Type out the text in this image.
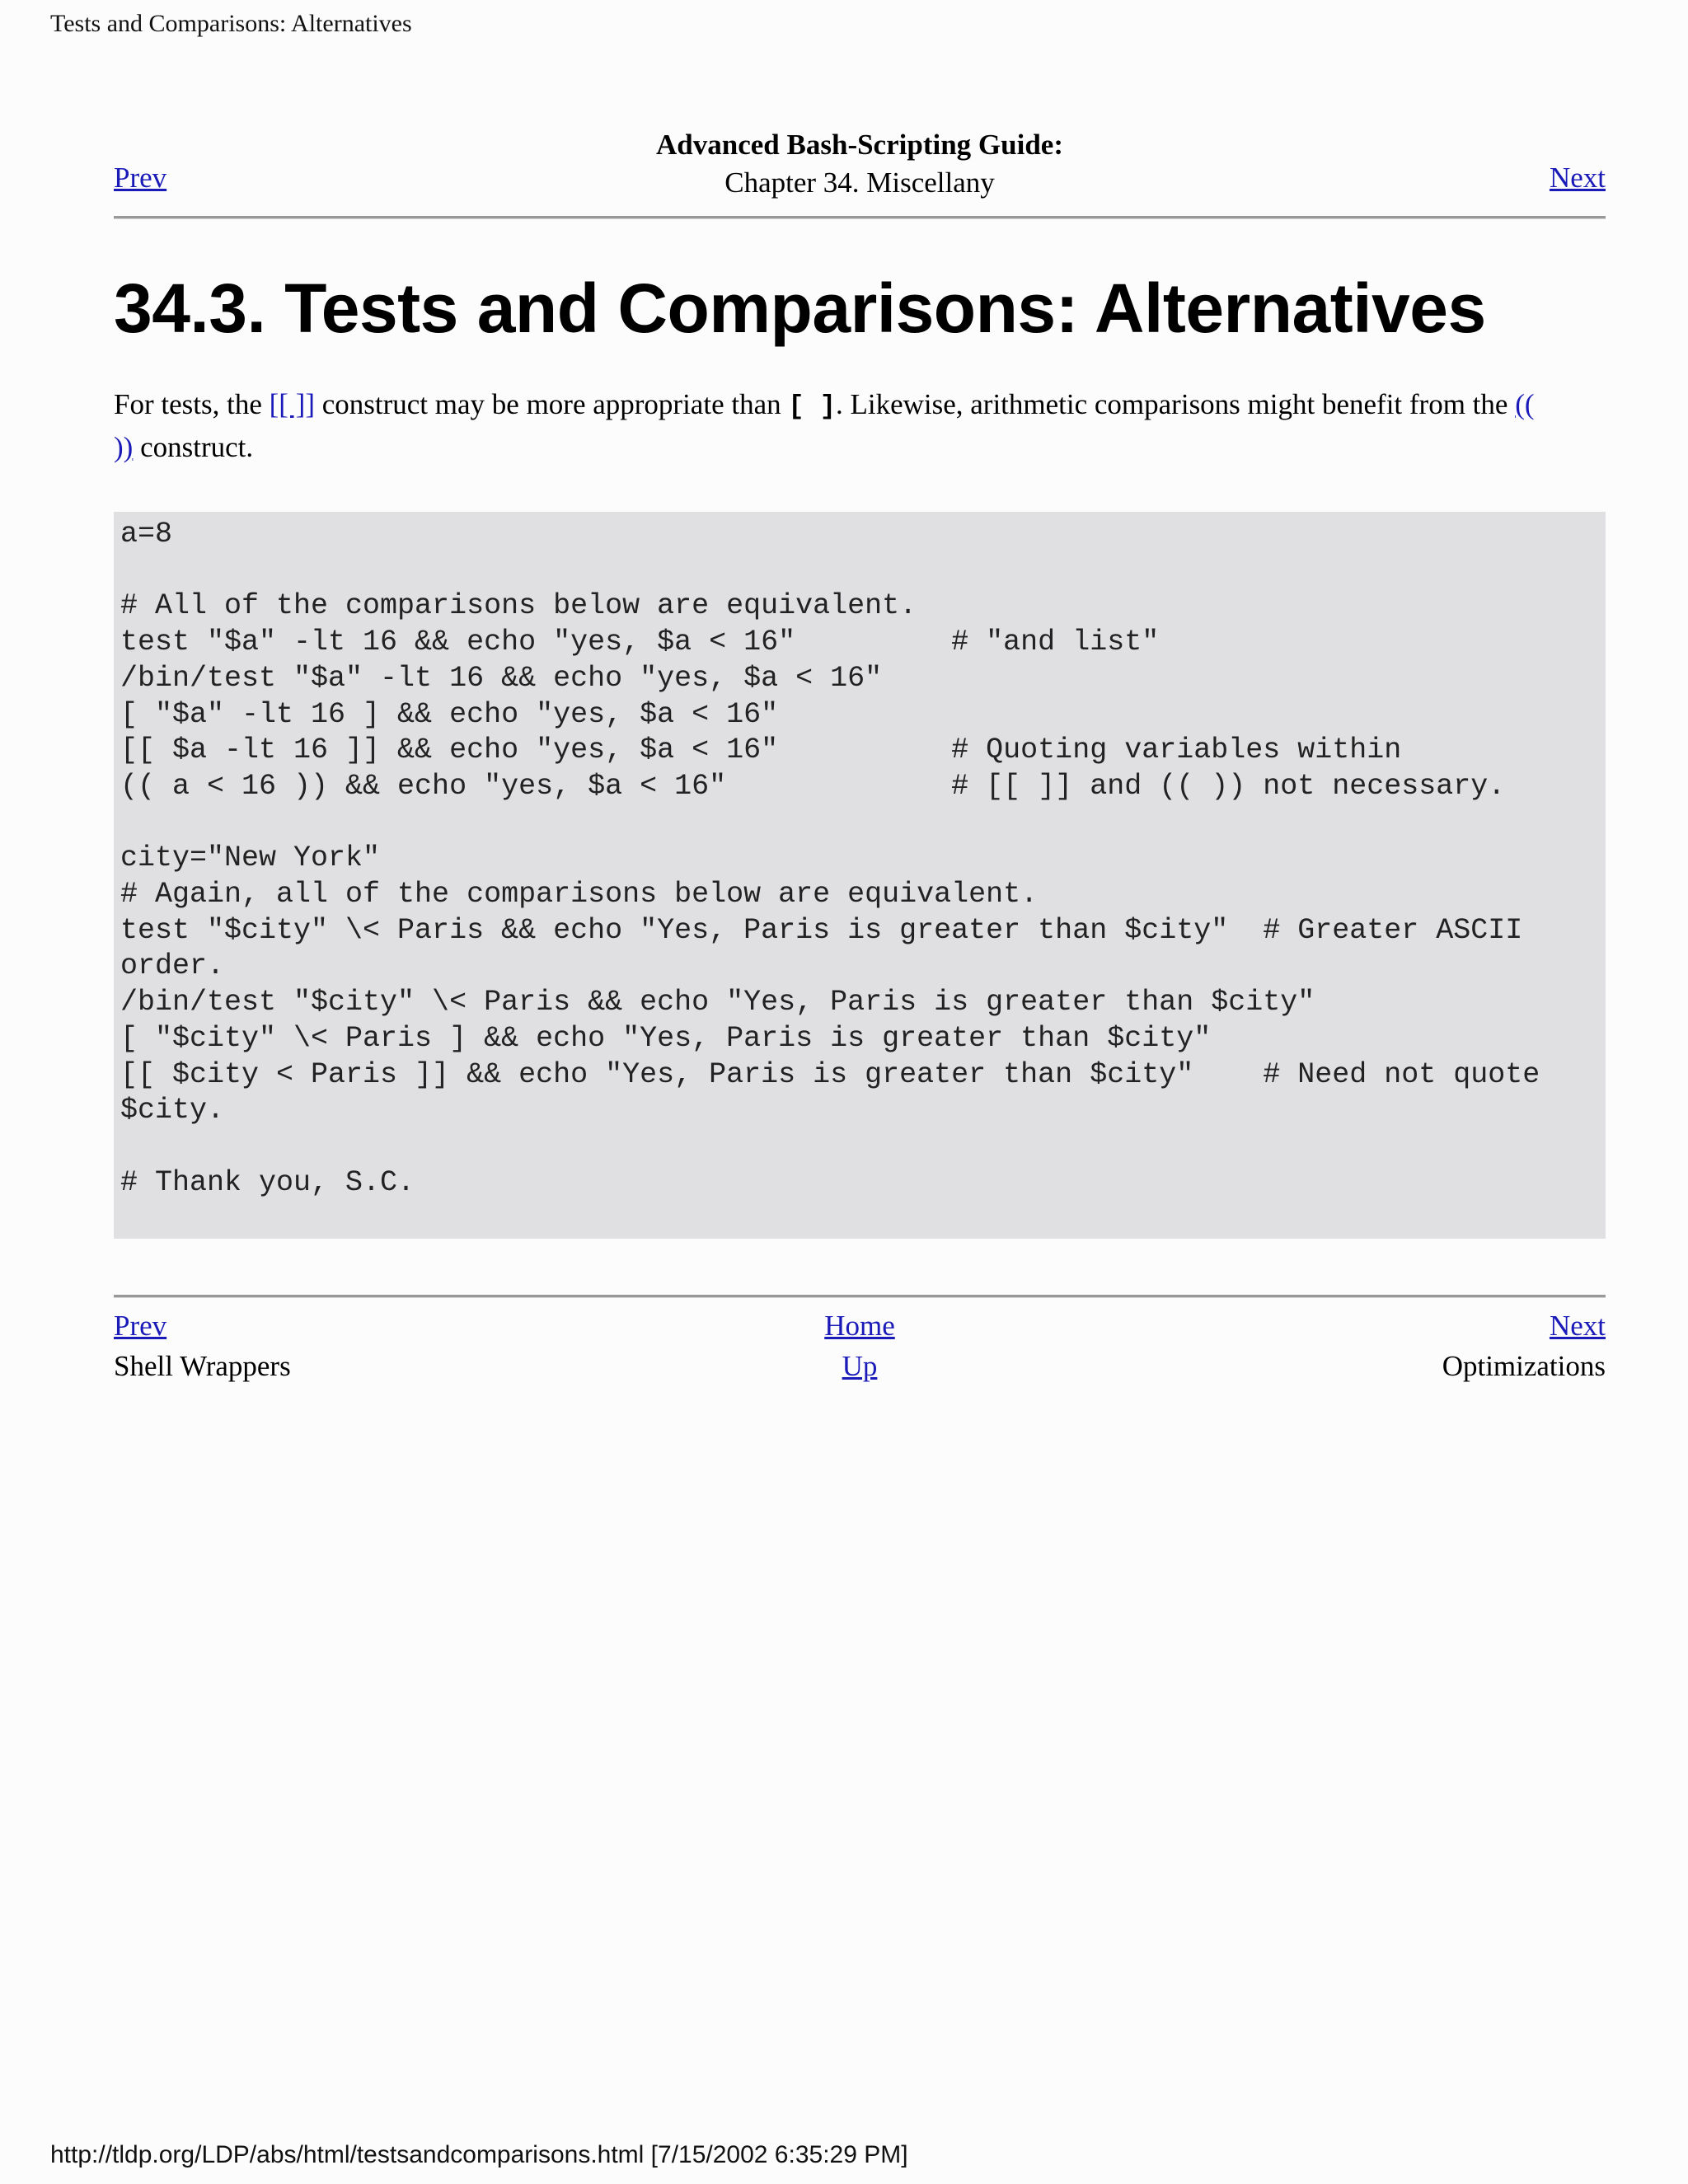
Tests and Comparisons: Alternatives
Advanced Bash-Scripting Guide:
Chapter 34. Miscellany
Prev	Next
34.3. Tests and Comparisons: Alternatives

For tests, the [[ ]] construct may be more appropriate than [ ]. Likewise, arithmetic comparisons might benefit from the ((
)) construct.

a=8

# All of the comparisons below are equivalent.
test "$a" -lt 16 && echo "yes, $a < 16"         # "and list"
/bin/test "$a" -lt 16 && echo "yes, $a < 16"
[ "$a" -lt 16 ] && echo "yes, $a < 16"
[[ $a -lt 16 ]] && echo "yes, $a < 16"          # Quoting variables within
(( a < 16 )) && echo "yes, $a < 16"             # [[ ]] and (( )) not necessary.

city="New York"
# Again, all of the comparisons below are equivalent.
test "$city" \< Paris && echo "Yes, Paris is greater than $city"  # Greater ASCII
order.
/bin/test "$city" \< Paris && echo "Yes, Paris is greater than $city"
[ "$city" \< Paris ] && echo "Yes, Paris is greater than $city"
[[ $city < Paris ]] && echo "Yes, Paris is greater than $city"    # Need not quote
$city.

# Thank you, S.C.
Prev	Home	Next
Shell Wrappers	Up	Optimizations
http://tldp.org/LDP/abs/html/testsandcomparisons.html [7/15/2002 6:35:29 PM]
